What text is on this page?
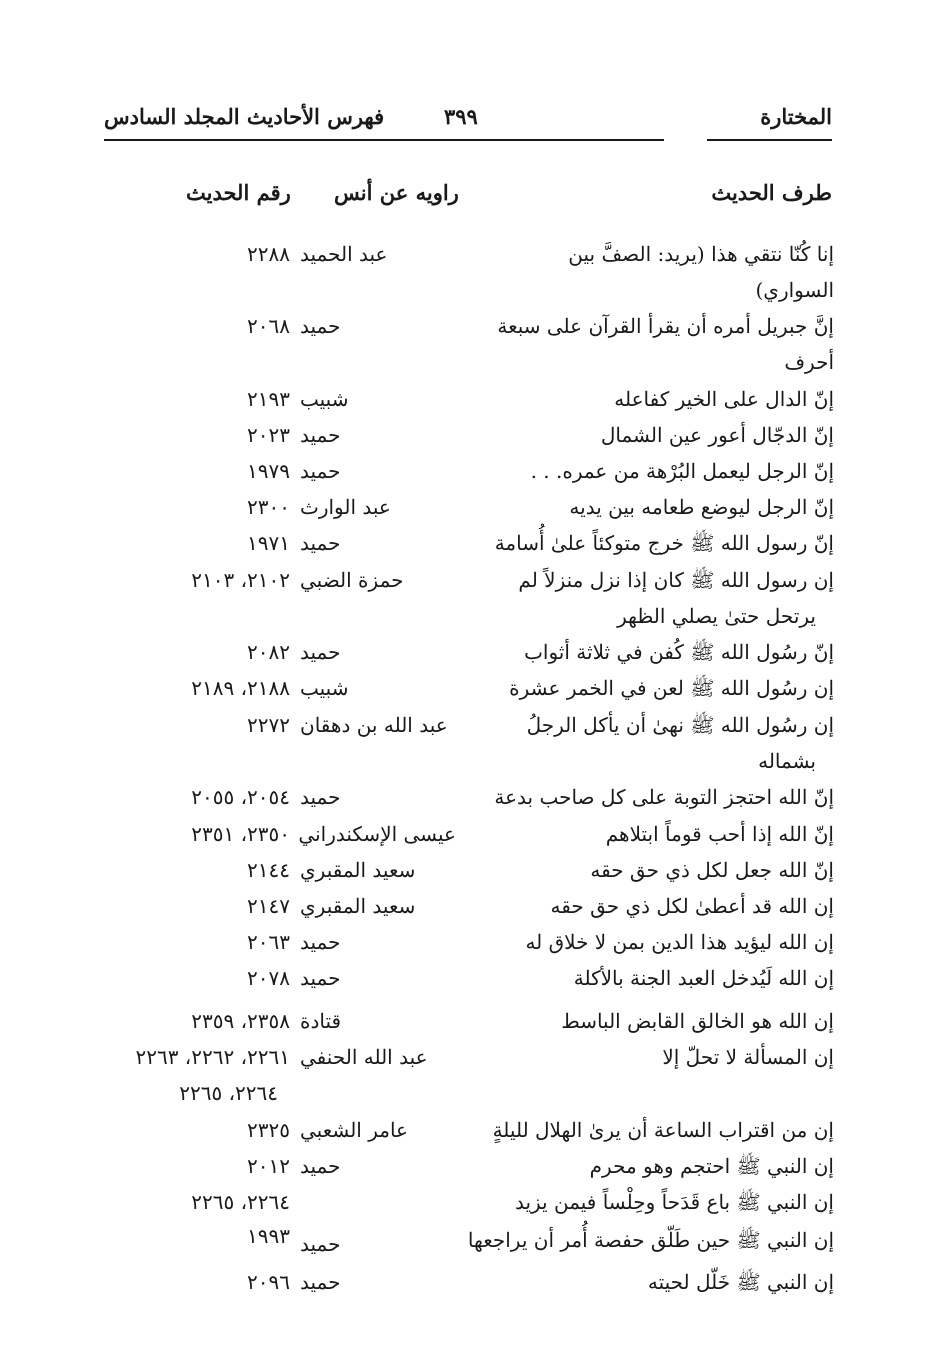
المختارة
٣٩٩
فهرس الأحاديث المجلد السادس
طرف الحديث
راويه عن أنس
رقم الحديث
إنا كُنّا نتقي هذا (يريد: الصفَّ بين
السواري)
عبد الحميد
٢٢٨٨
إنَّ جبريل أمره أن يقرأ القرآن على سبعة
أحرف
حميد
٢٠٦٨
إنّ الدال على الخير كفاعله
شبيب
٢١٩٣
إنّ الدجّال أعور عين الشمال
حميد
٢٠٢٣
إنّ الرجل ليعمل البُرْهة من عمره. . .
حميد
١٩٧٩
إنّ الرجل ليوضع طعامه بين يديه
عبد الوارث
٢٣٠٠
إنّ رسول الله ﷺ خرج متوكئاً علىٰ أُسامة
حميد
١٩٧١
إن رسول الله ﷺ كان إذا نزل منزلاً لم
يرتحل حتىٰ يصلي الظهر
حمزة الضبي
٢١٠٢، ٢١٠٣
إنّ رسُول الله ﷺ كُفن في ثلاثة أثواب
حميد
٢٠٨٢
إن رسُول الله ﷺ لعن في الخمر عشرة
شبيب
٢١٨٨، ٢١٨٩
إن رسُول الله ﷺ نهىٰ أن يأكل الرجلُ
بشماله
عبد الله بن دهقان
٢٢٧٢
إنّ الله احتجز التوبة على كل صاحب بدعة
حميد
٢٠٥٤، ٢٠٥٥
إنّ الله إذا أحب قوماً ابتلاهم
عيسى الإسكندراني
٢٣٥٠، ٢٣٥١
إنّ الله جعل لكل ذي حق حقه
سعيد المقبري
٢١٤٤
إن الله قد أعطىٰ لكل ذي حق حقه
سعيد المقبري
٢١٤٧
إن الله ليؤيد هذا الدين بمن لا خلاق له
حميد
٢٠٦٣
إن الله لَيُدخل العبد الجنة بالأكلة
حميد
٢٠٧٨
إن الله هو الخالق القابض الباسط
قتادة
٢٣٥٨، ٢٣٥٩
إن المسألة لا تحلّ إلا
عبد الله الحنفي
٢٢٦١، ٢٢٦٢، ٢٢٦٣
٢٢٦٤، ٢٢٦٥
إن من اقتراب الساعة أن يرىٰ الهلال لليلةٍ
عامر الشعبي
٢٣٢٥
إن النبي ﷺ احتجم وهو محرم
حميد
٢٠١٢
إن النبي ﷺ باع قَدَحاً وحِلْساً فيمن يزيد
٢٢٦٤، ٢٢٦٥
إن النبي ﷺ حين طَلّق حفصة أُمر أن يراجعها
حميد
١٩٩٣
إن النبي ﷺ خَلّل لحيته
حميد
٢٠٩٦
